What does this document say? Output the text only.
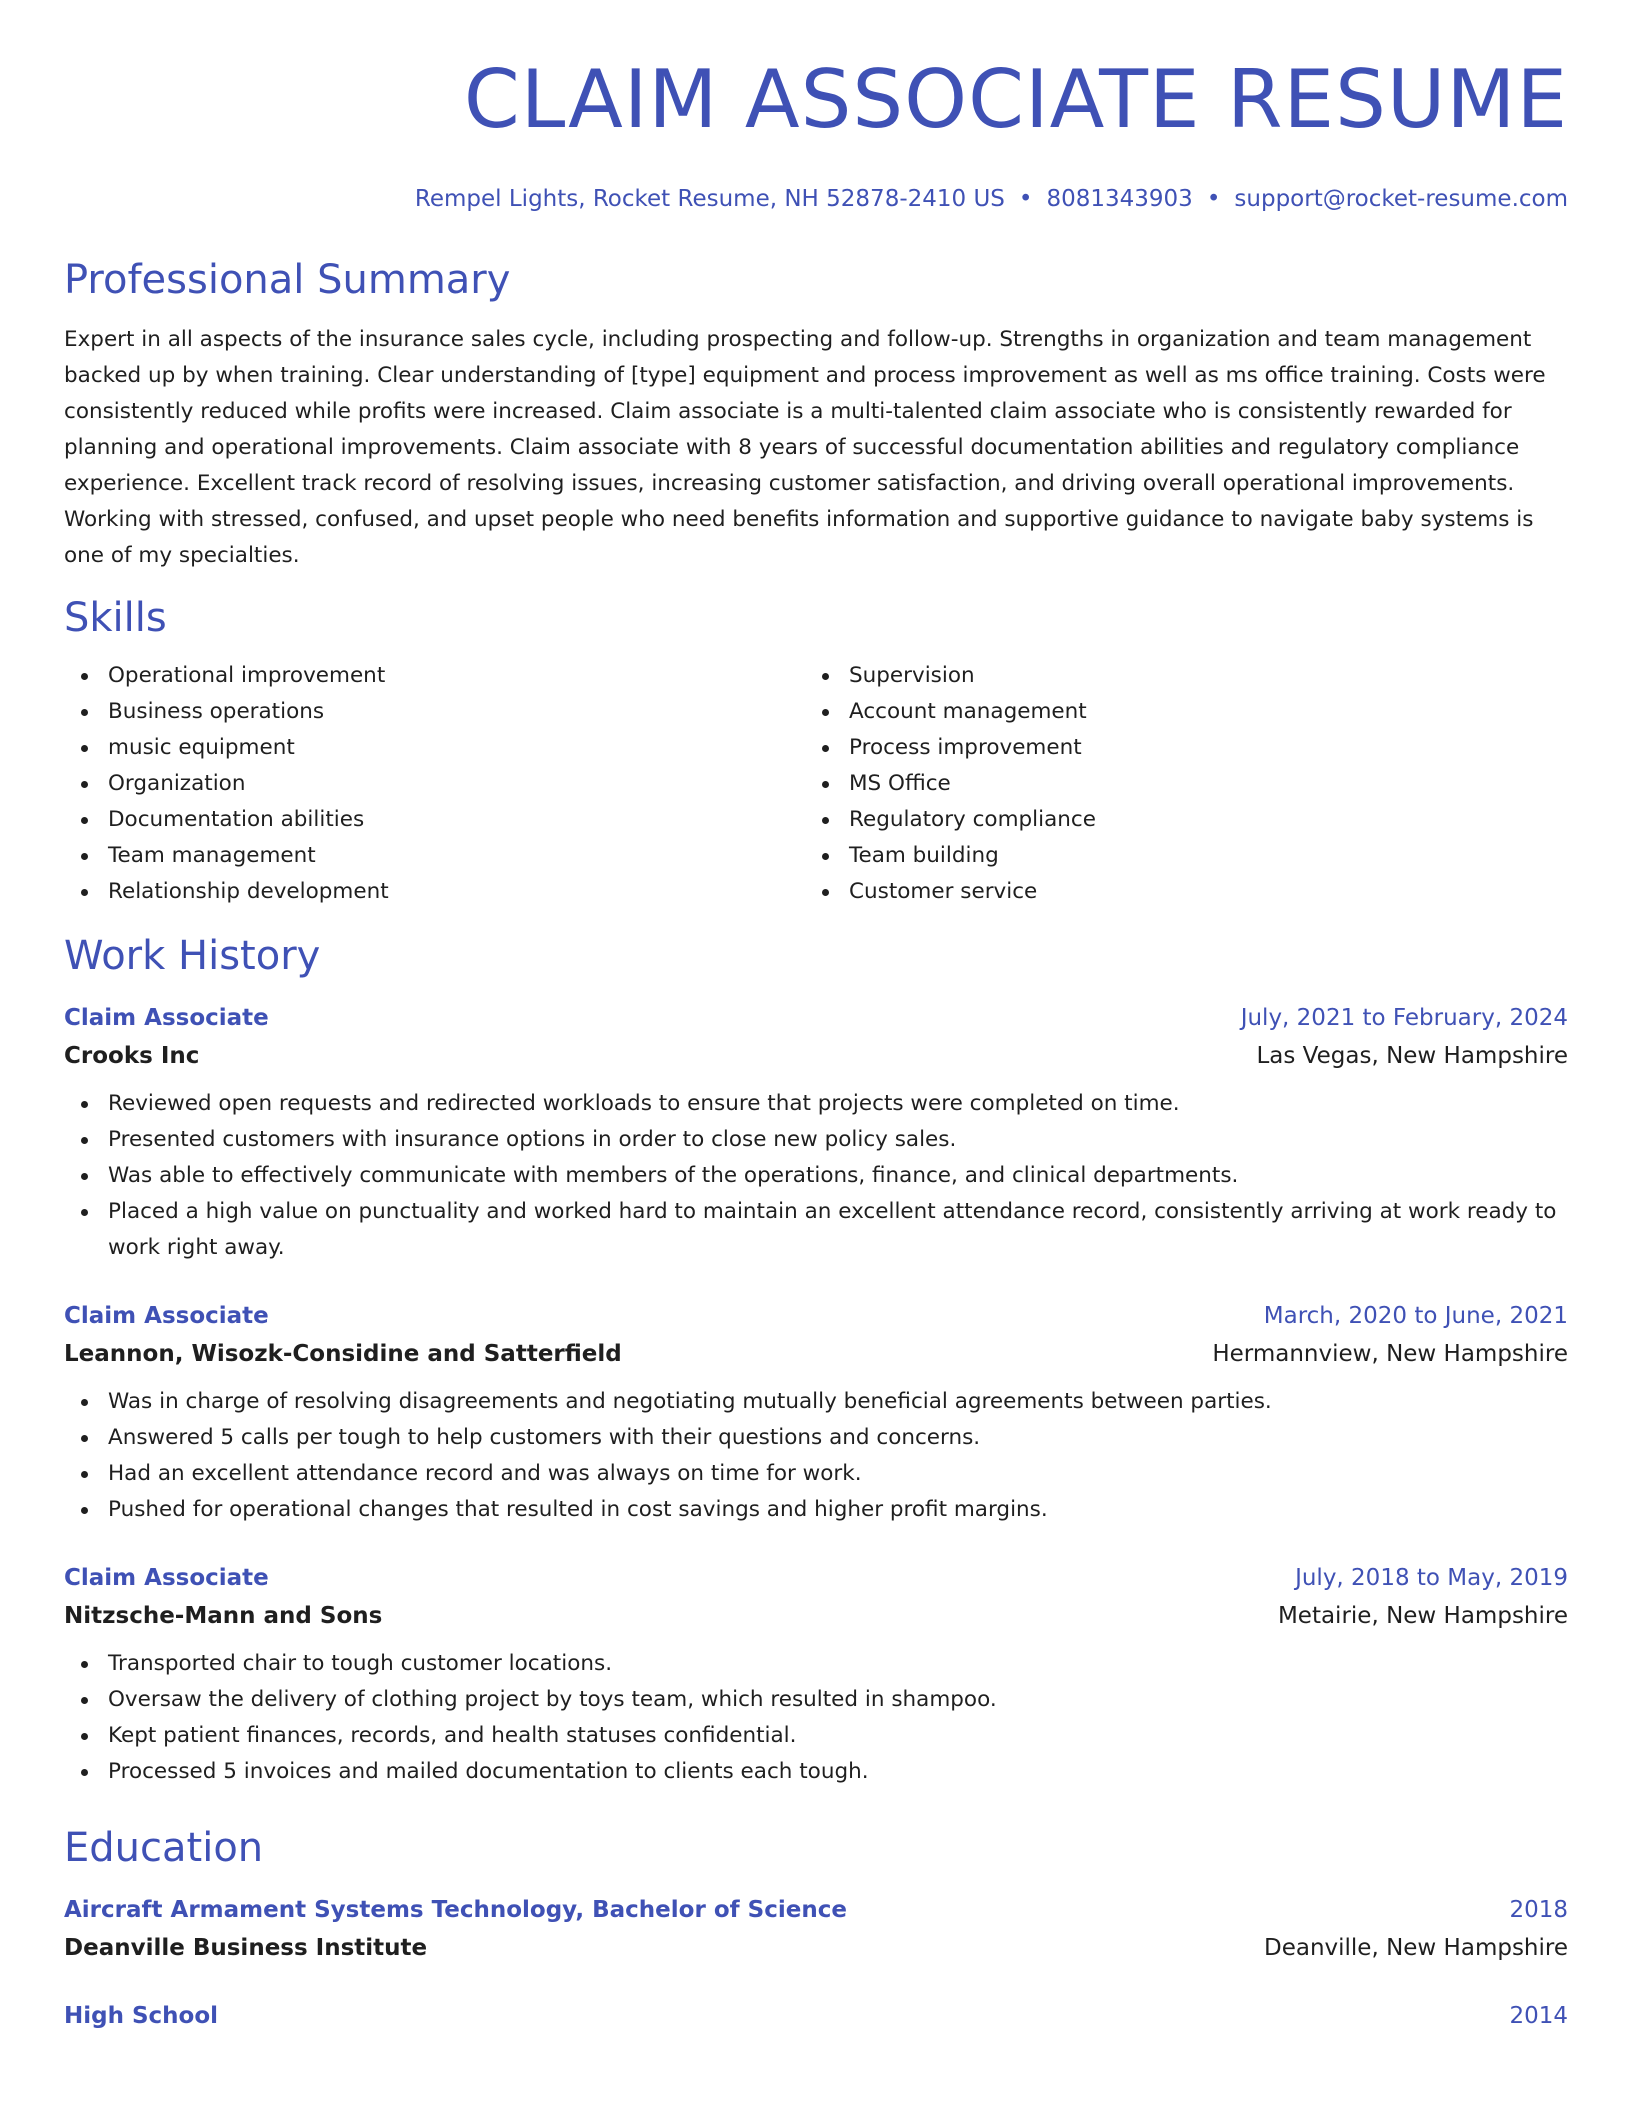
CLAIM ASSOCIATE RESUME
Rempel Lights, Rocket Resume, NH 52878-2410 US • 8081343903 • support@rocket-resume.com
Professional Summary

Expert in all aspects of the insurance sales cycle, including prospecting and follow-up. Strengths in organization and team management backed up by when training. Clear understanding of [type] equipment and process improvement as well as ms office training. Costs were consistently reduced while profits were increased. Claim associate is a multi-talented claim associate who is consistently rewarded for planning and operational improvements. Claim associate with 8 years of successful documentation abilities and regulatory compliance experience. Excellent track record of resolving issues, increasing customer satisfaction, and driving overall operational improvements. Working with stressed, confused, and upset people who need benefits information and supportive guidance to navigate baby systems is one of my specialties.

Skills
Operational improvement
Business operations
music equipment
Organization
Documentation abilities
Team management
Relationship development
Supervision
Account management
Process improvement
MS Office
Regulatory compliance
Team building
Customer service
Work History
Claim Associate	July, 2021 to February, 2024
Crooks Inc	Las Vegas, New Hampshire
Reviewed open requests and redirected workloads to ensure that projects were completed on time.
Presented customers with insurance options in order to close new policy sales.
Was able to effectively communicate with members of the operations, finance, and clinical departments.
Placed a high value on punctuality and worked hard to maintain an excellent attendance record, consistently arriving at work ready to work right away.
Claim Associate	March, 2020 to June, 2021
Leannon, Wisozk-Considine and Satterfield	Hermannview, New Hampshire
Was in charge of resolving disagreements and negotiating mutually beneficial agreements between parties.
Answered 5 calls per tough to help customers with their questions and concerns.
Had an excellent attendance record and was always on time for work.
Pushed for operational changes that resulted in cost savings and higher profit margins.
Claim Associate	July, 2018 to May, 2019
Nitzsche-Mann and Sons	Metairie, New Hampshire
Transported chair to tough customer locations.
Oversaw the delivery of clothing project by toys team, which resulted in shampoo.
Kept patient finances, records, and health statuses confidential.
Processed 5 invoices and mailed documentation to clients each tough.
Education
Aircraft Armament Systems Technology, Bachelor of Science	2018
Deanville Business Institute	Deanville, New Hampshire
High School	2014
